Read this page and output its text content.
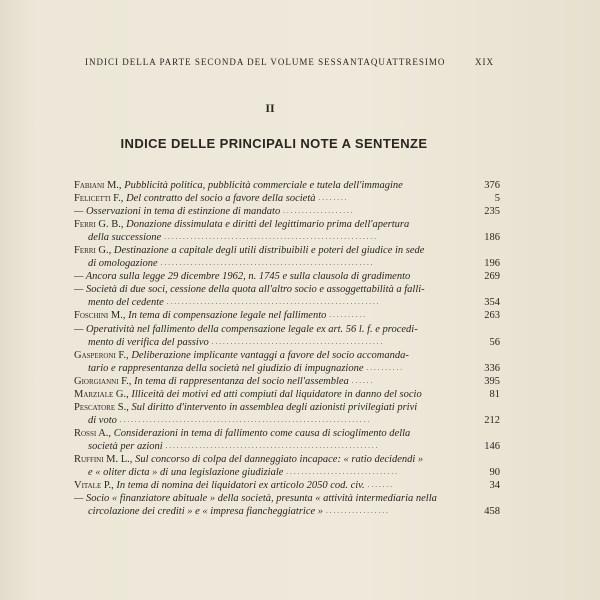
INDICI DELLA PARTE SECONDA DEL VOLUME SESSANTAQUATTRESIMO	XIX
II
INDICE DELLE PRINCIPALI NOTE A SENTENZE
Fabiani M., Pubblicità politica, pubblicità commerciale e tutela dell'immagine	376
Felicetti F., Del contratto del socio a favore della società ........	5
— Osservazioni in tema di estinzione di mandato ...................	235
Ferri G. B., Donazione dissimulata e diritti del legittimario prima dell'apertura
della successione .........................................................	186
Ferri G., Destinazione a capitale degli utili distribuibili e poteri del giudice in sede
di omologazione .........................................................	196
— Ancora sulla legge 29 dicembre 1962, n. 1745 e sulla clausola di gradimento	269
— Società di due soci, cessione della quota all'altro socio e assoggettabilità a falli-
mento del cedente .........................................................	354
Foschini M., In tema di compensazione legale nel fallimento ..........	263
— Operatività nel fallimento della compensazione legale ex art. 56 l. f. e procedi-
mento di verifica del passivo ..............................................	56
Gasperoni F., Deliberazione implicante vantaggi a favore del socio accomanda-
tario e rappresentanza della società nel giudizio di impugnazione ..........	336
Giorgianni F., In tema di rappresentanza del socio nell'assemblea ......	395
Marziale G., Illiceità dei motivi ed atti compiuti dal liquidatore in danno del socio	81
Pescatore S., Sul diritto d'intervento in assemblea degli azionisti privilegiati privi
di voto ...................................................................	212
Rossi A., Considerazioni in tema di fallimento come causa di scioglimento della
società per azioni .........................................................	146
Ruffini M. L., Sul concorso di colpa del danneggiato incapace: « ratio decidendi »
e « oliter dicta » di una legislazione giudiziale ..............................	90
Vitale P., In tema di nomina dei liquidatori ex articolo 2050 cod. civ. .......	34
— Socio « finanziatore abituale » della società, presunta « attività intermediaria nella
circolazione dei crediti » e « impresa fiancheggiatrice » .................	458
